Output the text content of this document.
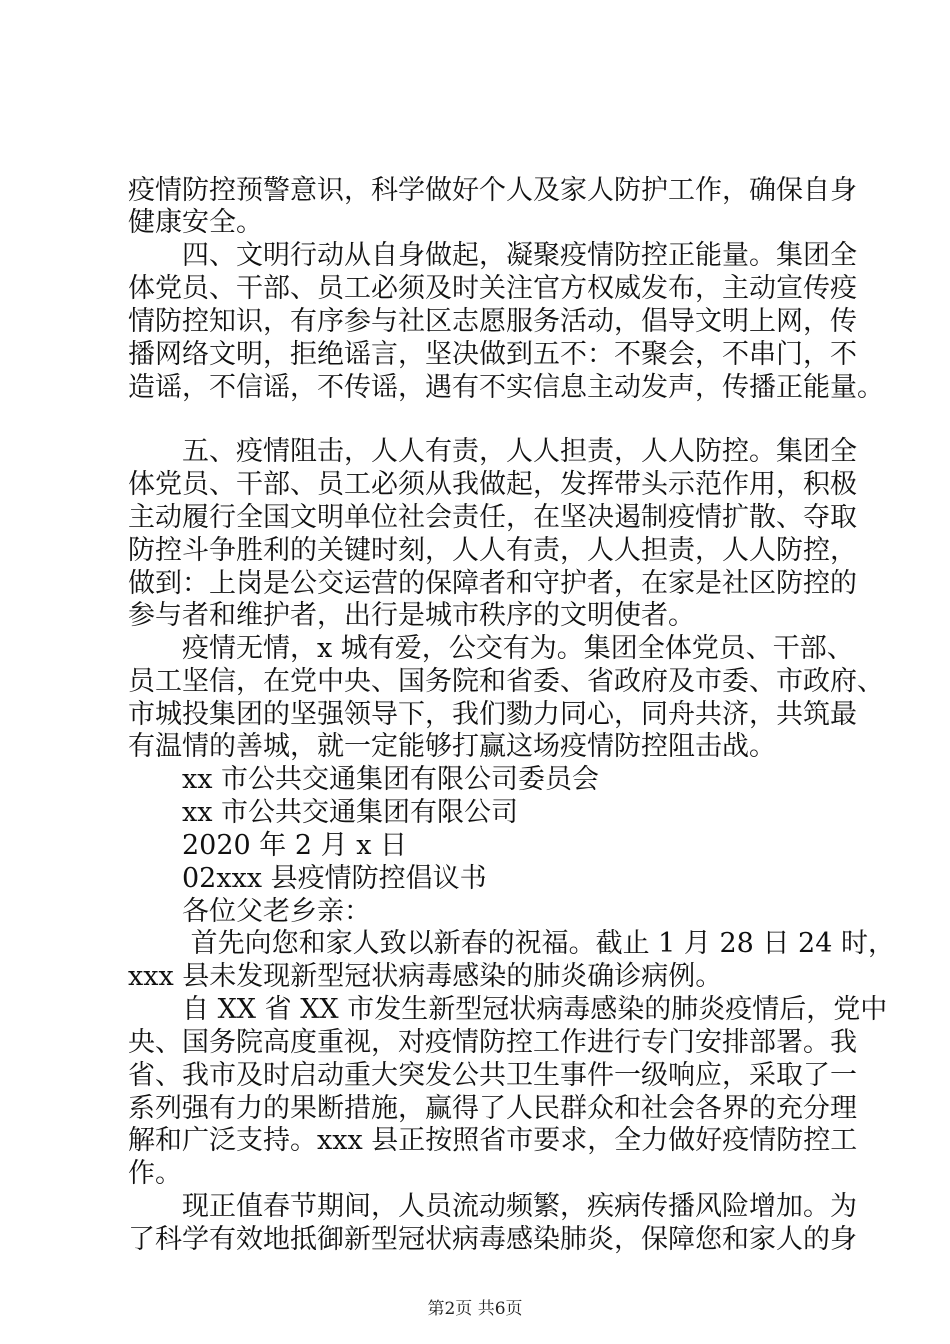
疫情防控预警意识，科学做好个人及家人防护工作，确保自身
健康安全。
　　四、文明行动从自身做起，凝聚疫情防控正能量。集团全
体党员、干部、员工必须及时关注官方权威发布，主动宣传疫
情防控知识，有序参与社区志愿服务活动，倡导文明上网，传
播网络文明，拒绝谣言，坚决做到五不：不聚会，不串门，不
造谣，不信谣，不传谣，遇有不实信息主动发声，传播正能量。
　　五、疫情阻击，人人有责，人人担责，人人防控。集团全
体党员、干部、员工必须从我做起，发挥带头示范作用，积极
主动履行全国文明单位社会责任，在坚决遏制疫情扩散、夺取
防控斗争胜利的关键时刻，人人有责，人人担责，人人防控，
做到：上岗是公交运营的保障者和守护者，在家是社区防控的
参与者和维护者，出行是城市秩序的文明使者。
　　疫情无情，x 城有爱，公交有为。集团全体党员、干部、
员工坚信，在党中央、国务院和省委、省政府及市委、市政府、
市城投集团的坚强领导下，我们勠力同心，同舟共济，共筑最
有温情的善城，就一定能够打赢这场疫情防控阻击战。
　　xx 市公共交通集团有限公司委员会
　　xx 市公共交通集团有限公司
　　2020 年 2 月 x 日
　　02xxx 县疫情防控倡议书
　　各位父老乡亲：
　　 首先向您和家人致以新春的祝福。截止 1 月 28 日 24 时，
xxx 县未发现新型冠状病毒感染的肺炎确诊病例。
　　自 XX 省 XX 市发生新型冠状病毒感染的肺炎疫情后，党中
央、国务院高度重视，对疫情防控工作进行专门安排部署。我
省、我市及时启动重大突发公共卫生事件一级响应，采取了一
系列强有力的果断措施，赢得了人民群众和社会各界的充分理
解和广泛支持。xxx 县正按照省市要求，全力做好疫情防控工
作。
　　现正值春节期间，人员流动频繁，疾病传播风险增加。为
了科学有效地抵御新型冠状病毒感染肺炎，保障您和家人的身
第2页 共6页
